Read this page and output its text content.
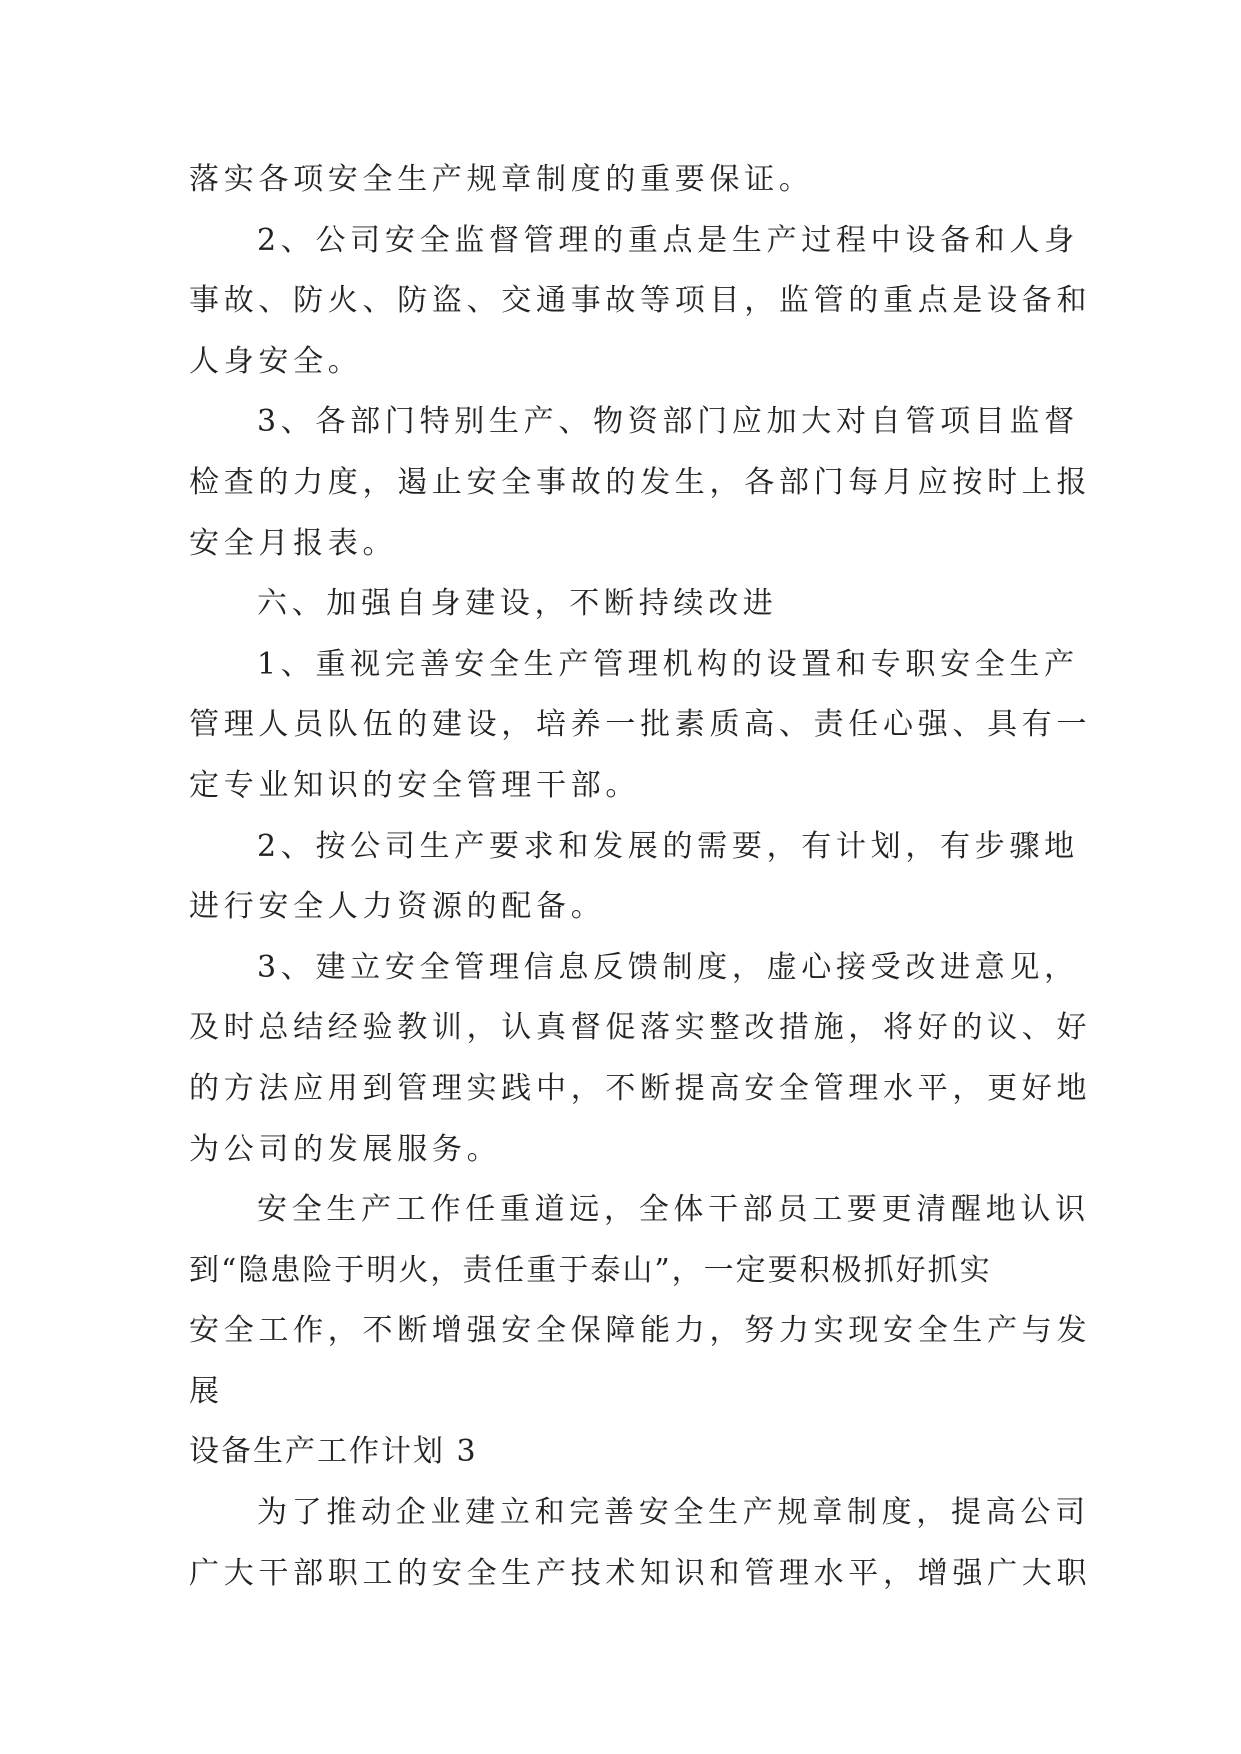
落实各项安全生产规章制度的重要保证。
2、公司安全监督管理的重点是生产过程中设备和人身
事故、防火、防盗、交通事故等项目，监管的重点是设备和
人身安全。
3、各部门特别生产、物资部门应加大对自管项目监督
检查的力度，遏止安全事故的发生，各部门每月应按时上报
安全月报表。
六、加强自身建设，不断持续改进
1、重视完善安全生产管理机构的设置和专职安全生产
管理人员队伍的建设，培养一批素质高、责任心强、具有一
定专业知识的安全管理干部。
2、按公司生产要求和发展的需要，有计划，有步骤地
进行安全人力资源的配备。
3、建立安全管理信息反馈制度，虚心接受改进意见，
及时总结经验教训，认真督促落实整改措施，将好的议、好
的方法应用到管理实践中，不断提高安全管理水平，更好地
为公司的发展服务。
安全生产工作任重道远，全体干部员工要更清醒地认识
到“隐患险于明火，责任重于泰山”，一定要积极抓好抓实
安全工作，不断增强安全保障能力，努力实现安全生产与发
展
设备生产工作计划 3
为了推动企业建立和完善安全生产规章制度，提高公司
广大干部职工的安全生产技术知识和管理水平，增强广大职
